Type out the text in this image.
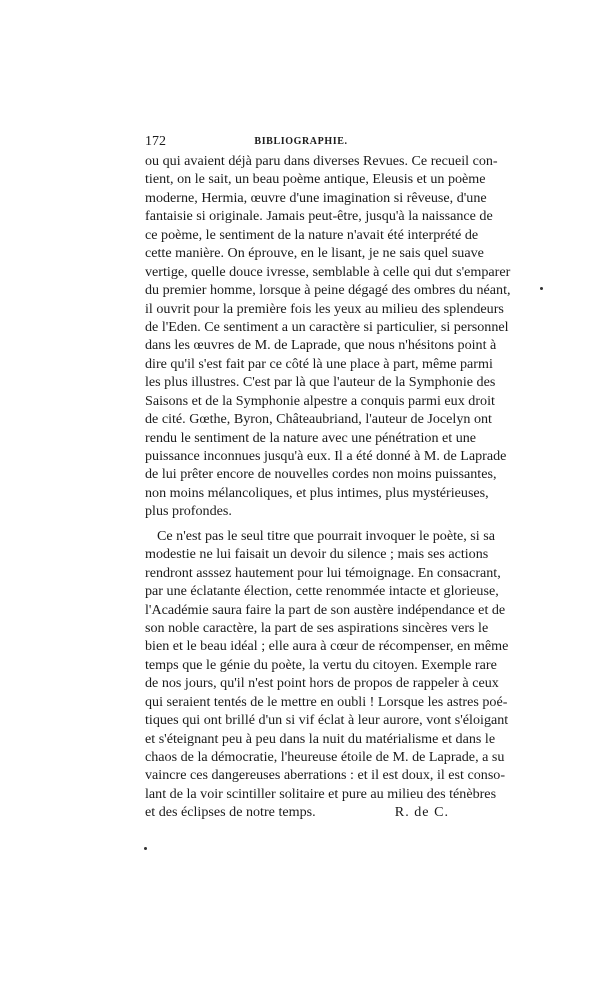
172	BIBLIOGRAPHIE.
ou qui avaient déjà paru dans diverses Revues. Ce recueil con-
tient, on le sait, un beau poème antique, Eleusis et un poème
moderne, Hermia, œuvre d'une imagination si rêveuse, d'une
fantaisie si originale. Jamais peut-être, jusqu'à la naissance de
ce poème, le sentiment de la nature n'avait été interprété de
cette manière. On éprouve, en le lisant, je ne sais quel suave
vertige, quelle douce ivresse, semblable à celle qui dut s'emparer
du premier homme, lorsque à peine dégagé des ombres du néant,
il ouvrit pour la première fois les yeux au milieu des splendeurs
de l'Eden. Ce sentiment a un caractère si particulier, si personnel
dans les œuvres de M. de Laprade, que nous n'hésitons point à
dire qu'il s'est fait par ce côté là une place à part, même parmi
les plus illustres. C'est par là que l'auteur de la Symphonie des
Saisons et de la Symphonie alpestre a conquis parmi eux droit
de cité. Gœthe, Byron, Châteaubriand, l'auteur de Jocelyn ont
rendu le sentiment de la nature avec une pénétration et une
puissance inconnues jusqu'à eux. Il a été donné à M. de Laprade
de lui prêter encore de nouvelles cordes non moins puissantes,
non moins mélancoliques, et plus intimes, plus mystérieuses,
plus profondes.
Ce n'est pas le seul titre que pourrait invoquer le poète, si sa
modestie ne lui faisait un devoir du silence ; mais ses actions
rendront asssez hautement pour lui témoignage. En consacrant,
par une éclatante élection, cette renommée intacte et glorieuse,
l'Académie saura faire la part de son austère indépendance et de
son noble caractère, la part de ses aspirations sincères vers le
bien et le beau idéal ; elle aura à cœur de récompenser, en même
temps que le génie du poète, la vertu du citoyen. Exemple rare
de nos jours, qu'il n'est point hors de propos de rappeler à ceux
qui seraient tentés de le mettre en oubli ! Lorsque les astres poé-
tiques qui ont brillé d'un si vif éclat à leur aurore, vont s'éloigant
et s'éteignant peu à peu dans la nuit du matérialisme et dans le
chaos de la démocratie, l'heureuse étoile de M. de Laprade, a su
vaincre ces dangereuses aberrations : et il est doux, il est conso-
lant de la voir scintiller solitaire et pure au milieu des ténèbres
et des éclipses de notre temps.	R. de C.
